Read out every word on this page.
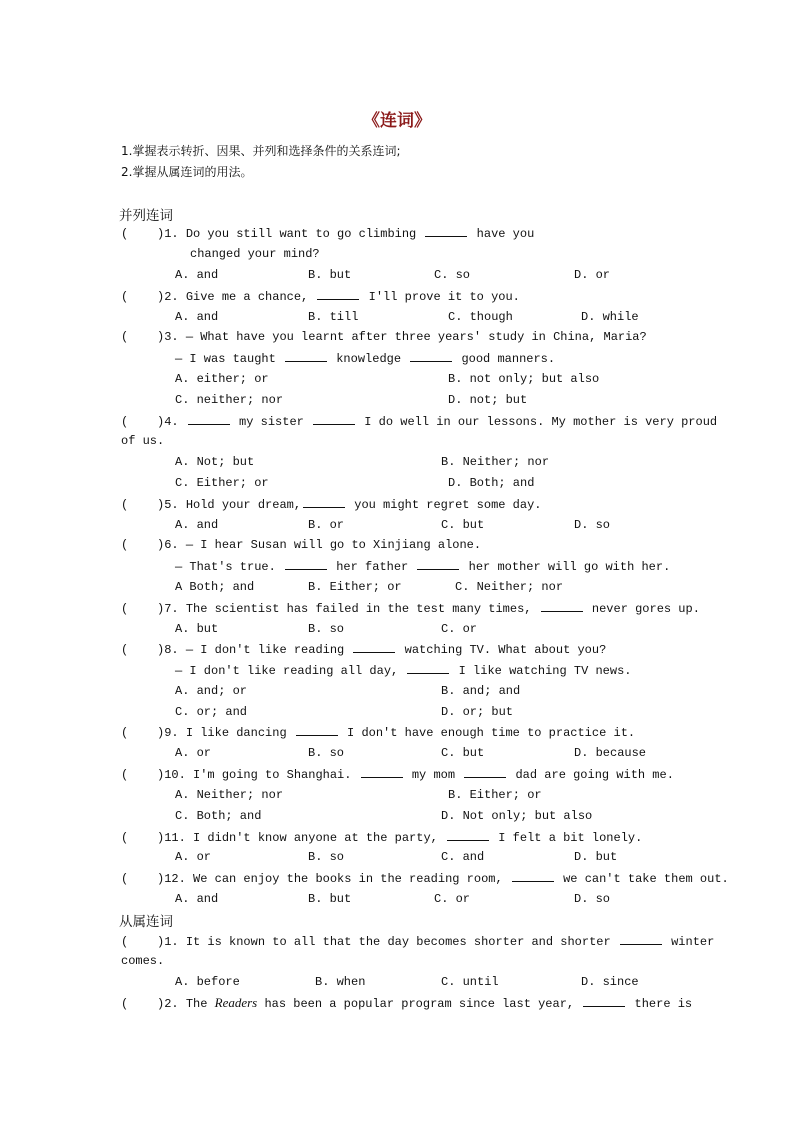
《连词》
1.掌握表示转折、因果、并列和选择条件的关系连词;
2.掌握从属连词的用法。
并列连词
(    )1. Do you still want to go climbing	have you
changed your mind?
A. and	B. but	C. so	D. or
(    )2. Give me a chance,	I'll prove it to you.
A. and	B. till	C. though	D. while
(    )3. — What have you learnt after three years' study in China, Maria?
— I was taught	knowledge	good manners.
A. either; or	B. not only; but also
C. neither; nor	D. not; but
(    )4.	my sister	I do well in our lessons. My mother is very proud
of us.
A. Not; but	B. Neither; nor
C. Either; or	D. Both; and
(    )5. Hold your dream,	you might regret some day.
A. and	B. or	C. but	D. so
(    )6. — I hear Susan will go to Xinjiang alone.
— That's true.	her father	her mother will go with her.
A Both; and	B. Either; or	C. Neither; nor
(    )7. The scientist has failed in the test many times,	never gores up.
A. but	B. so	C. or
(    )8. — I don't like reading	watching TV. What about you?
— I don't like reading all day,	I like watching TV news.
A. and; or	B. and; and
C. or; and	D. or; but
(    )9. I like dancing	I don't have enough time to practice it.
A. or	B. so	C. but	D. because
(    )10. I'm going to Shanghai.	my mom	dad are going with me.
A. Neither; nor	B. Either; or
C. Both; and	D. Not only; but also
(    )11. I didn't know anyone at the party,	I felt a bit lonely.
A. or	B. so	C. and	D. but
(    )12. We can enjoy the books in the reading room,	we can't take them out.
A. and	B. but	C. or	D. so
从属连词
(    )1. It is known to all that the day becomes shorter and shorter	winter
comes.
A. before	B. when	C. until	D. since
(    )2. The Readers has been a popular program since last year,	there is
